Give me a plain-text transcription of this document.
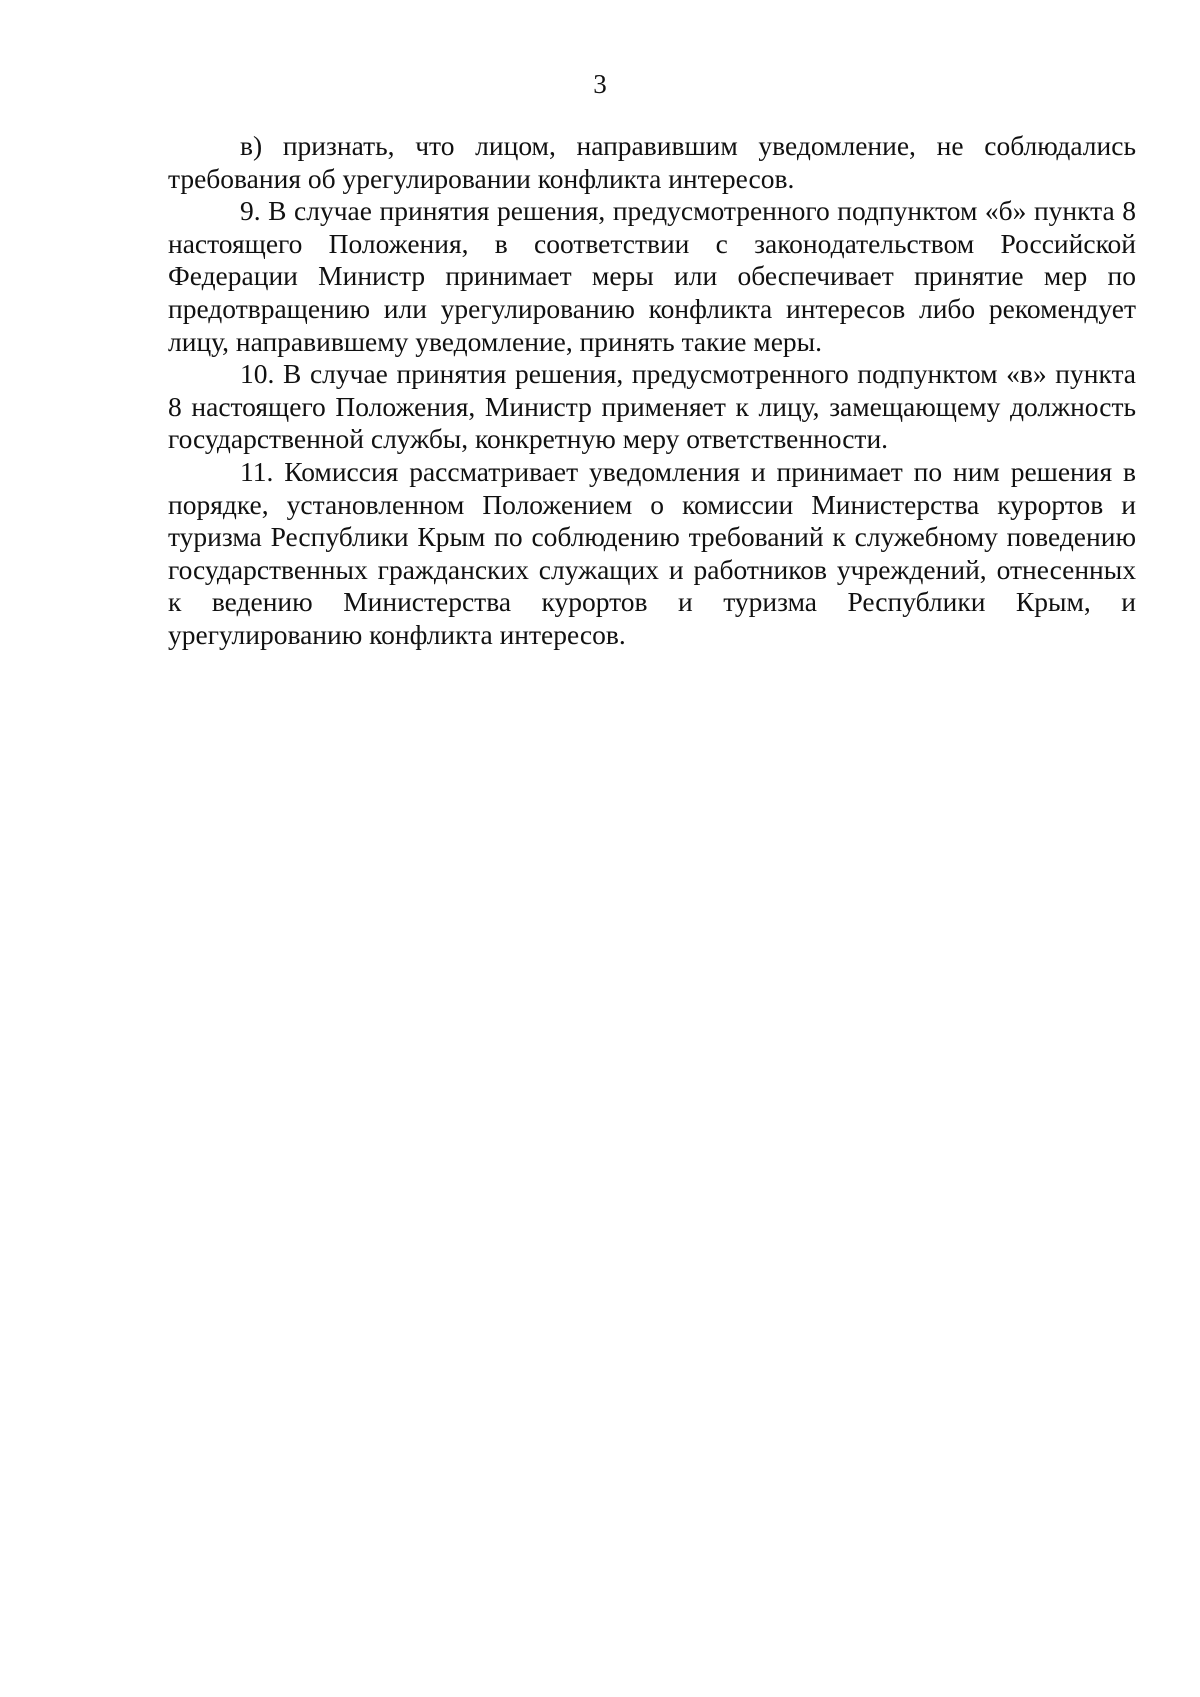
3

в) признать, что лицом, направившим уведомление, не соблюдались требования об урегулировании конфликта интересов.

9. В случае принятия решения, предусмотренного подпунктом «б» пункта 8 настоящего Положения, в соответствии с законодательством Российской Федерации Министр принимает меры или обеспечивает принятие мер по предотвращению или урегулированию конфликта интересов либо рекомендует лицу, направившему уведомление, принять такие меры.

10. В случае принятия решения, предусмотренного подпунктом «в» пункта 8 настоящего Положения, Министр применяет к лицу, замещающему должность государственной службы, конкретную меру ответственности.

11. Комиссия рассматривает уведомления и принимает по ним решения в порядке, установленном Положением о комиссии Министерства курортов и туризма Республики Крым по соблюдению требований к служебному поведению государственных гражданских служащих и работников учреждений, отнесенных к ведению Министерства курортов и туризма Республики Крым, и урегулированию конфликта интересов.
